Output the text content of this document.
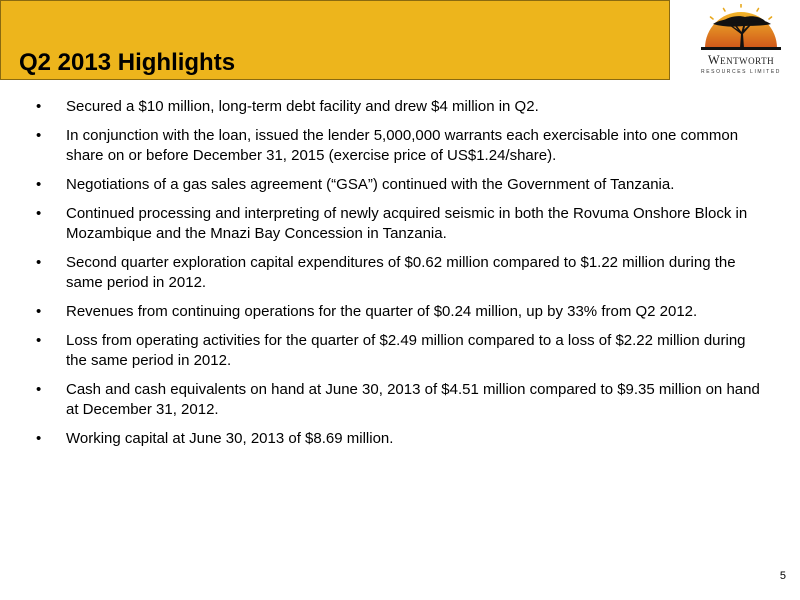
Q2 2013 Highlights	Wentworth
RESOURCES LIMITED
• Secured a $10 million, long-term debt facility and drew $4 million in Q2.
• In conjunction with the loan, issued the lender 5,000,000 warrants each exercisable into one common share on or before December 31, 2015 (exercise price of US$1.24/share).
• Negotiations of a gas sales agreement (“GSA”) continued with the Government of Tanzania.
• Continued processing and interpreting of newly acquired seismic in both the Rovuma Onshore Block in Mozambique and the Mnazi Bay Concession in Tanzania.
• Second quarter exploration capital expenditures of $0.62 million compared to $1.22 million during the same period in 2012.
• Revenues from continuing operations for the quarter of $0.24 million, up by 33% from Q2 2012.
• Loss from operating activities for the quarter of $2.49 million compared to a loss of $2.22 million during the same period in 2012.
• Cash and cash equivalents on hand at June 30, 2013 of $4.51 million compared to $9.35 million on hand at December 31, 2012.
• Working capital at June 30, 2013 of $8.69 million.
5
